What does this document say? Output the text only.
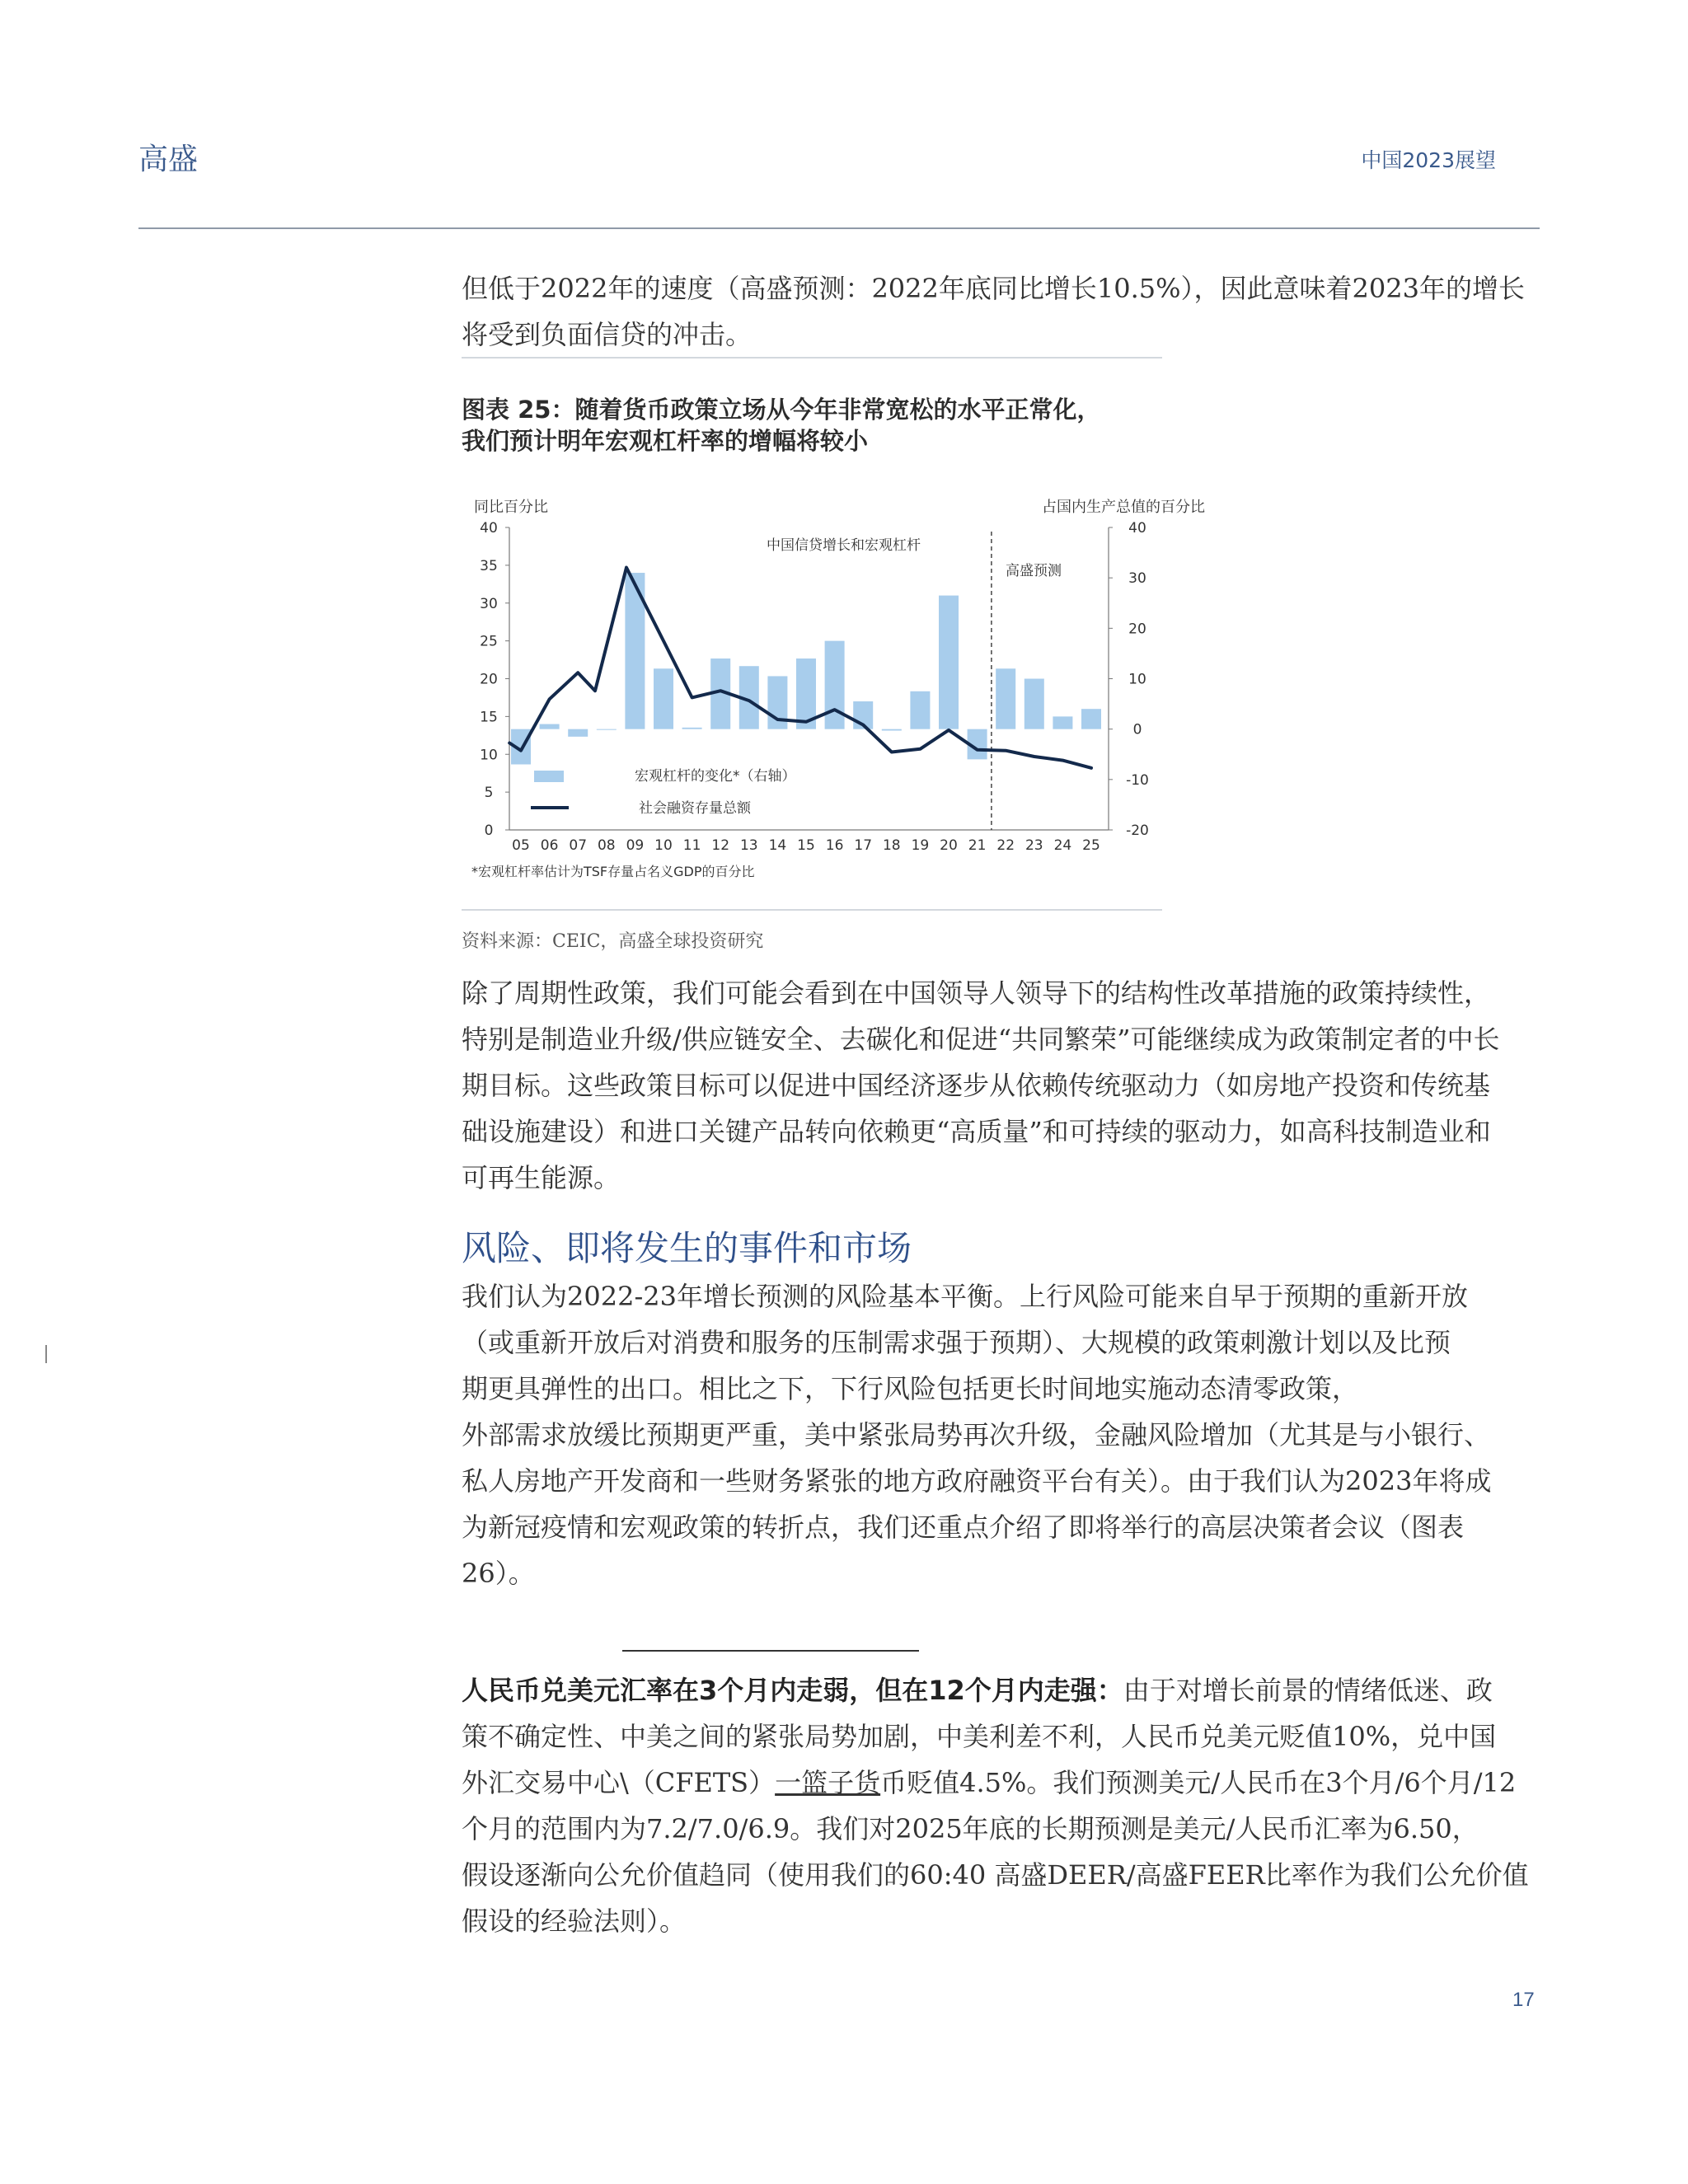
高盛	中国2023展望

但低于2022年的速度（高盛预测：2022年底同比增长10.5%），因此意味着2023年的增长将受到负面信贷的冲击。

图表 25：随着货币政策立场从今年非常宽松的水平正常化，
我们预计明年宏观杠杆率的增幅将较小
同比百分比	占国内生产总值的百分比
中国信贷增长和宏观杠杆
高盛预测
*宏观杠杆率估计为TSF存量占名义GDP的百分比
0
5
10
15
20
25
30
35
40
-20
-10
0
10
20
30
40
05 06 07 08 09 10 11 12 13 14 15 16 17 18 19 20 21 22 23 24 25
宏观杠杆的变化*（右轴）
社会融资存量总额
资料来源：CEIC，高盛全球投资研究

除了周期性政策，我们可能会看到在中国领导人领导下的结构性改革措施的政策持续性，

特别是制造业升级/供应链安全、去碳化和促进“共同繁荣”可能继续成为政策制定者的中长

期目标。这些政策目标可以促进中国经济逐步从依赖传统驱动力（如房地产投资和传统基

础设施建设）和进口关键产品转向依赖更“高质量”和可持续的驱动力，如高科技制造业和

可再生能源。

风险、即将发生的事件和市场

我们认为2022-23年增长预测的风险基本平衡。上行风险可能来自早于预期的重新开放

（或重新开放后对消费和服务的压制需求强于预期）、大规模的政策刺激计划以及比预

期更具弹性的出口。相比之下，下行风险包括更长时间地实施动态清零政策，

外部需求放缓比预期更严重，美中紧张局势再次升级，金融风险增加（尤其是与小银行、

私人房地产开发商和一些财务紧张的地方政府融资平台有关）。由于我们认为2023年将成

为新冠疫情和宏观政策的转折点，我们还重点介绍了即将举行的高层决策者会议（图表

26）。

人民币兑美元汇率在3个月内走弱，但在12个月内走强：由于对增长前景的情绪低迷、政

策不确定性、中美之间的紧张局势加剧，中美利差不利，人民币兑美元贬值10%，兑中国

外汇交易中心\（CFETS）一篮子货币贬值4.5%。我们预测美元/人民币在3个月/6个月/12

个月的范围内为7.2/7.0/6.9。我们对2025年底的长期预测是美元/人民币汇率为6.50，

假设逐渐向公允价值趋同（使用我们的60:40 高盛DEER/高盛FEER比率作为我们公允价值

假设的经验法则）。

17
